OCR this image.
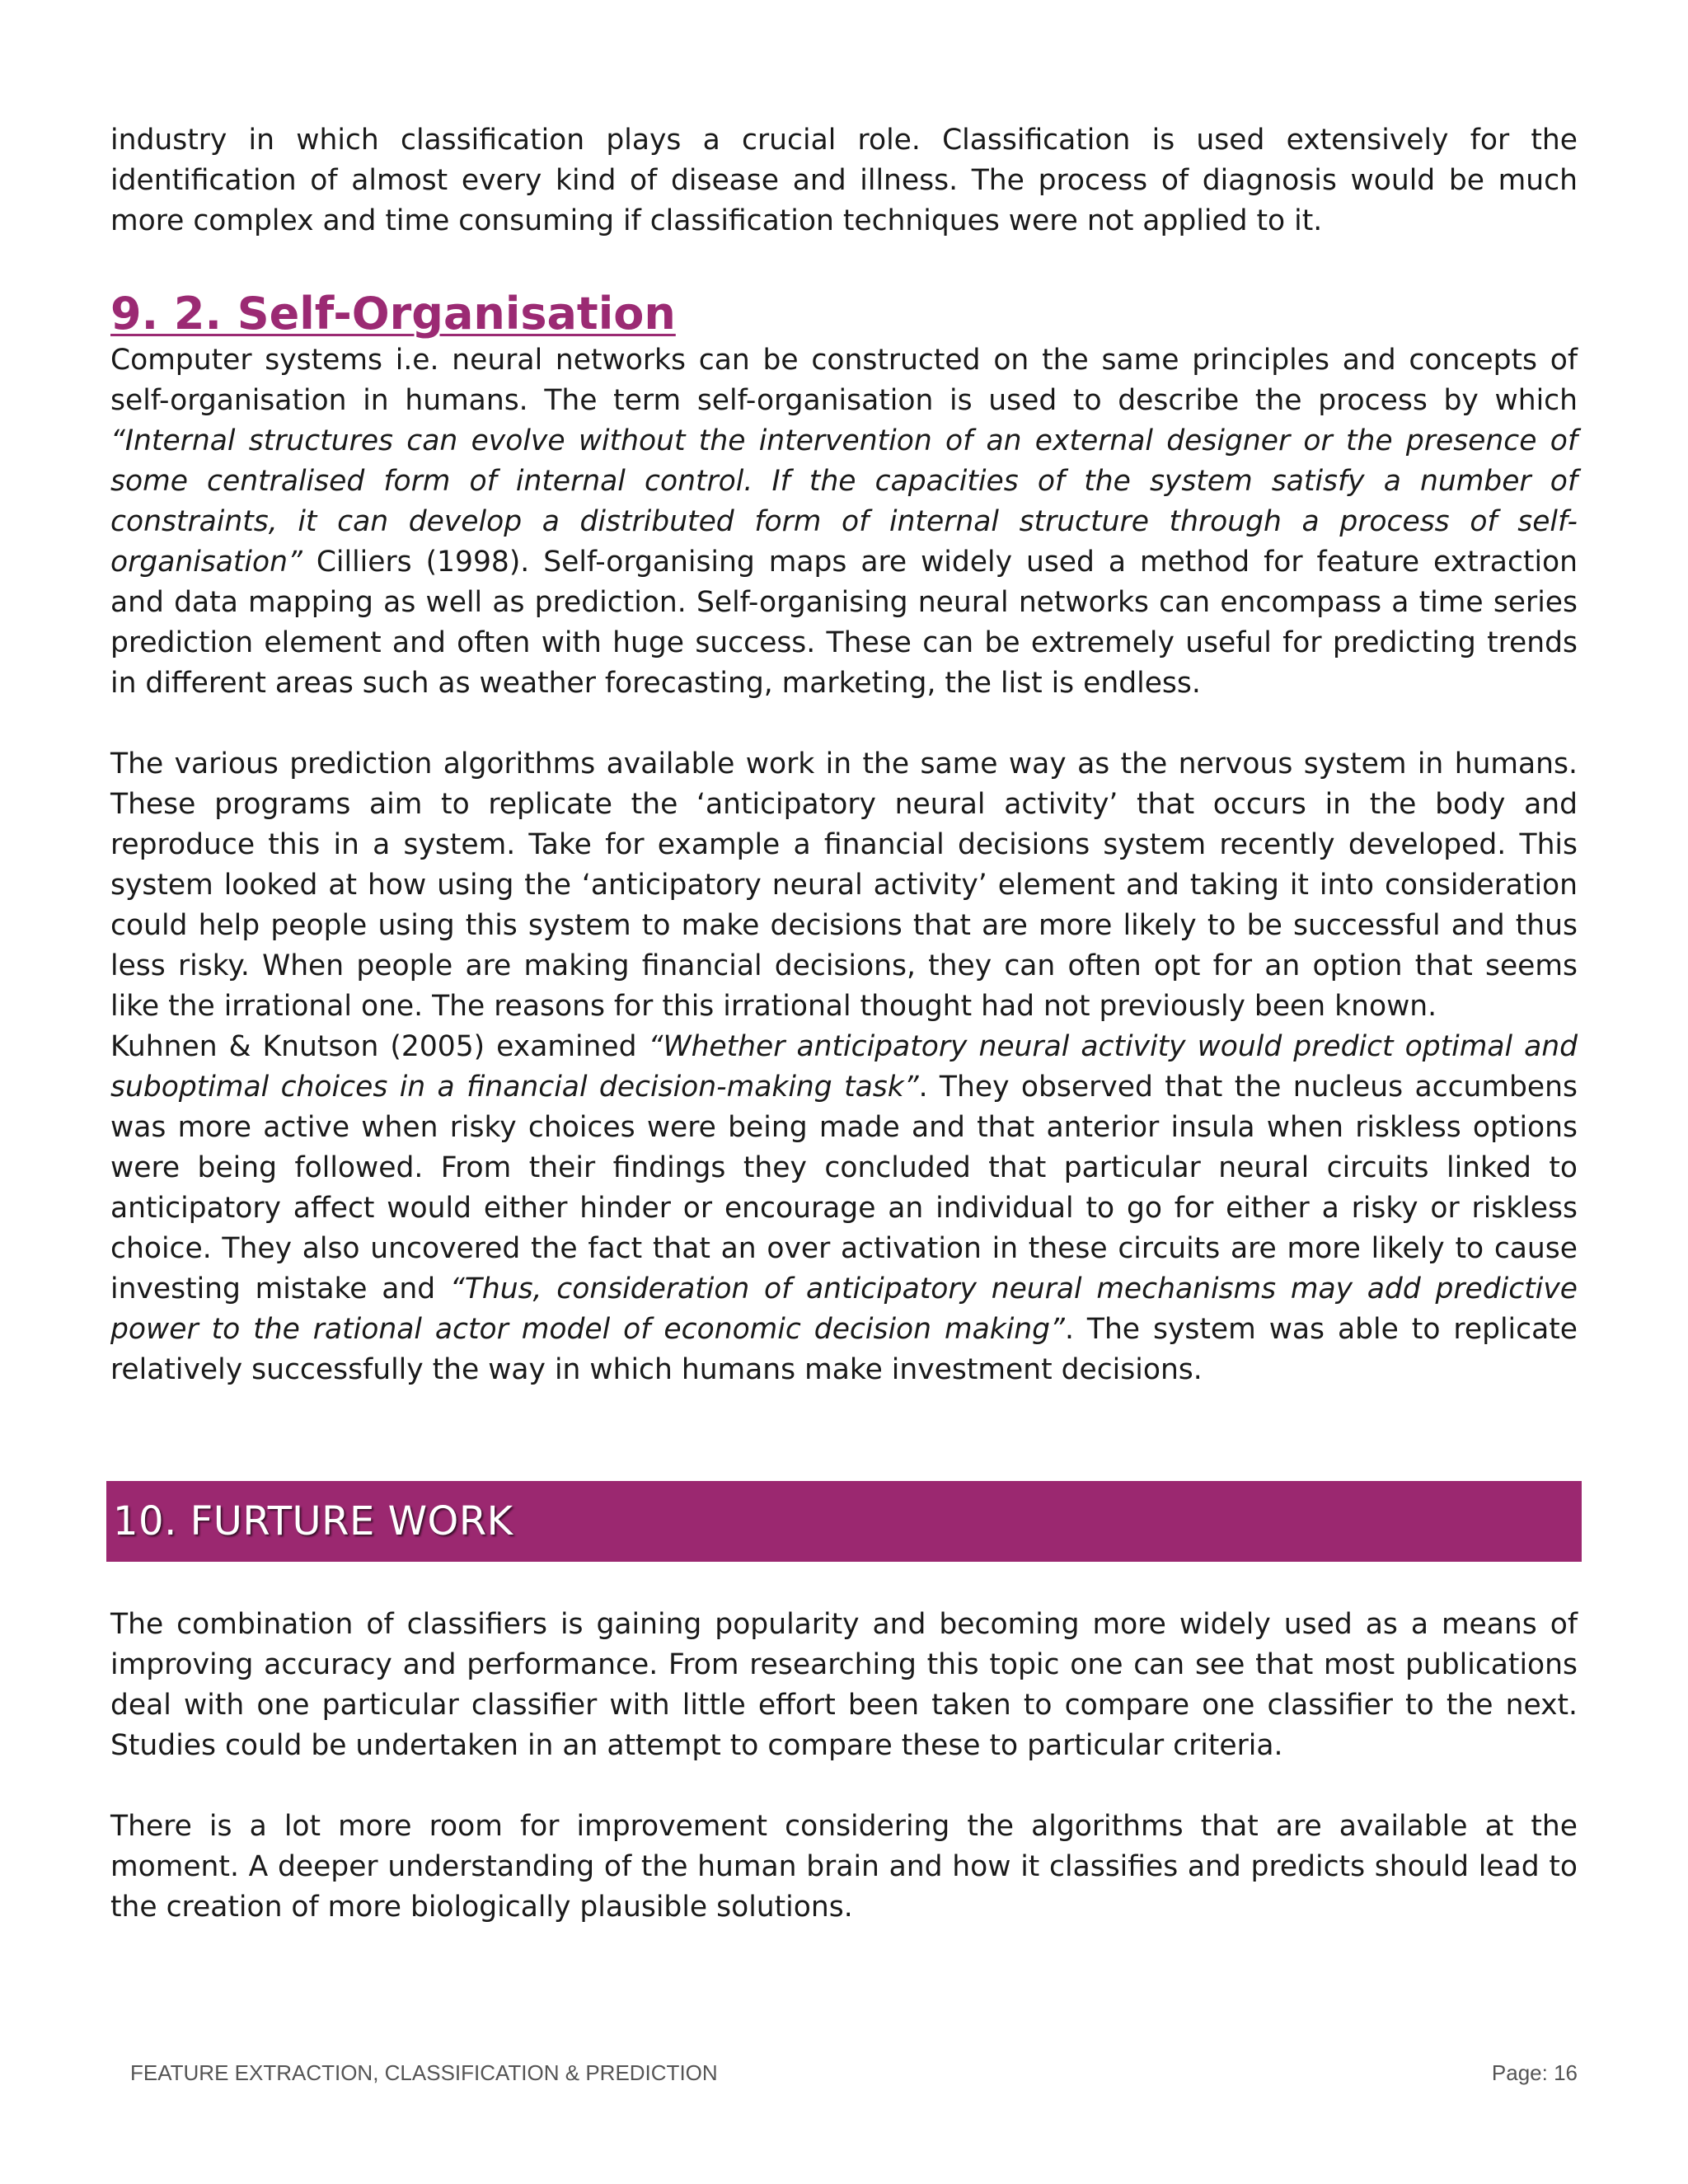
industry in which classification plays a crucial role. Classification is used extensively for the identification of almost every kind of disease and illness. The process of diagnosis would be much more complex and time consuming if classification techniques were not applied to it.

9. 2. Self-Organisation

Computer systems i.e. neural networks can be constructed on the same principles and concepts of self-organisation in humans. The term self-organisation is used to describe the process by which “Internal structures can evolve without the intervention of an external designer or the presence of some centralised form of internal control. If the capacities of the system satisfy a number of constraints, it can develop a distributed form of internal structure through a process of self-organisation” Cilliers (1998). Self-organising maps are widely used a method for feature extraction and data mapping as well as prediction. Self-organising neural networks can encompass a time series prediction element and often with huge success. These can be extremely useful for predicting trends in different areas such as weather forecasting, marketing, the list is endless.

The various prediction algorithms available work in the same way as the nervous system in humans. These programs aim to replicate the ‘anticipatory neural activity’ that occurs in the body and reproduce this in a system. Take for example a financial decisions system recently developed. This system looked at how using the ‘anticipatory neural activity’ element and taking it into consideration could help people using this system to make decisions that are more likely to be successful and thus less risky. When people are making financial decisions, they can often opt for an option that seems like the irrational one. The reasons for this irrational thought had not previously been known.

Kuhnen & Knutson (2005) examined “Whether anticipatory neural activity would predict optimal and suboptimal choices in a financial decision-making task”. They observed that the nucleus accumbens was more active when risky choices were being made and that anterior insula when riskless options were being followed. From their findings they concluded that particular neural circuits linked to anticipatory affect would either hinder or encourage an individual to go for either a risky or riskless choice. They also uncovered the fact that an over activation in these circuits are more likely to cause investing mistake and “Thus, consideration of anticipatory neural mechanisms may add predictive power to the rational actor model of economic decision making”. The system was able to replicate relatively successfully the way in which humans make investment decisions.

10. FURTURE WORK

The combination of classifiers is gaining popularity and becoming more widely used as a means of improving accuracy and performance. From researching this topic one can see that most publications deal with one particular classifier with little effort been taken to compare one classifier to the next. Studies could be undertaken in an attempt to compare these to particular criteria.

There is a lot more room for improvement considering the algorithms that are available at the moment. A deeper understanding of the human brain and how it classifies and predicts should lead to the creation of more biologically plausible solutions.

FEATURE EXTRACTION, CLASSIFICATION & PREDICTION	Page: 16
